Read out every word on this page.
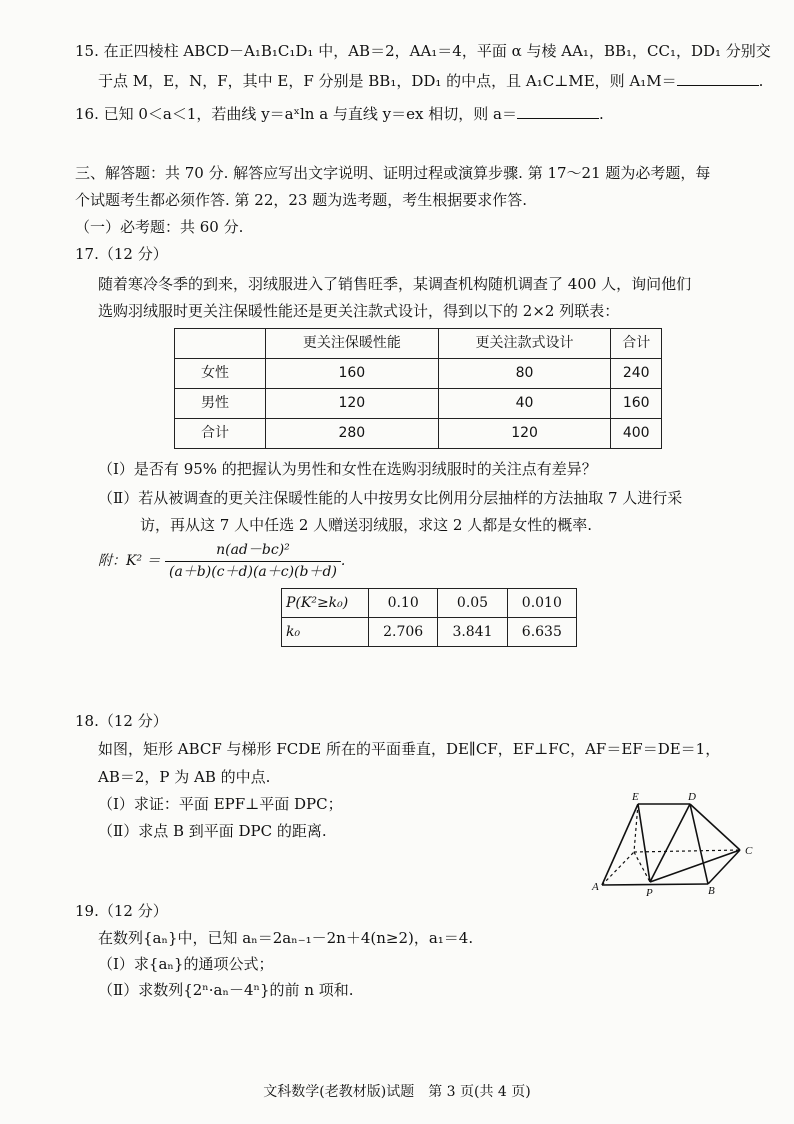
15. 在正四棱柱 ABCD－A₁B₁C₁D₁ 中，AB＝2，AA₁＝4，平面 α 与棱 AA₁，BB₁，CC₁，DD₁ 分别交
于点 M，E，N，F，其中 E，F 分别是 BB₁，DD₁ 的中点，且 A₁C⊥ME，则 A₁M＝	.
16. 已知 0＜a＜1，若曲线 y＝aˣln a 与直线 y＝ex 相切，则 a＝	.
三、解答题：共 70 分. 解答应写出文字说明、证明过程或演算步骤. 第 17～21 题为必考题，每
个试题考生都必须作答. 第 22，23 题为选考题，考生根据要求作答.
（一）必考题：共 60 分.
17.（12 分）
随着寒冷冬季的到来，羽绒服进入了销售旺季，某调查机构随机调查了 400 人，询问他们
选购羽绒服时更关注保暖性能还是更关注款式设计，得到以下的 2×2 列联表：
	更关注保暖性能	更关注款式设计	合计
女性	160	80	240
男性	120	40	160
合计	280	120	400
（Ⅰ）是否有 95% 的把握认为男性和女性在选购羽绒服时的关注点有差异？
（Ⅱ）若从被调查的更关注保暖性能的人中按男女比例用分层抽样的方法抽取 7 人进行采
访，再从这 7 人中任选 2 人赠送羽绒服，求这 2 人都是女性的概率.
附：$K^2 = \frac{\text{n(ad－bc)²}}{(a+b)(c+d)(a+c)(b+d)}$ .
P(K²≥k₀)	0.10	0.05	0.010
k₀	2.706	3.841	6.635
18.（12 分）
如图，矩形 ABCF 与梯形 FCDE 所在的平面垂直，DE∥CF，EF⊥FC，AF＝EF＝DE＝1，
AB＝2，P 为 AB 的中点.
（Ⅰ）求证：平面 EPF⊥平面 DPC；
（Ⅱ）求点 B 到平面 DPC 的距离.
E	D
C
A	P	B
19.（12 分）
在数列{aₙ}中，已知 aₙ＝2aₙ₋₁－2n＋4(n≥2)，a₁＝4.
（Ⅰ）求{aₙ}的通项公式；
（Ⅱ）求数列{2ⁿ·aₙ－4ⁿ}的前 n 项和.
文科数学(老教材版)试题　第 3 页(共 4 页)
